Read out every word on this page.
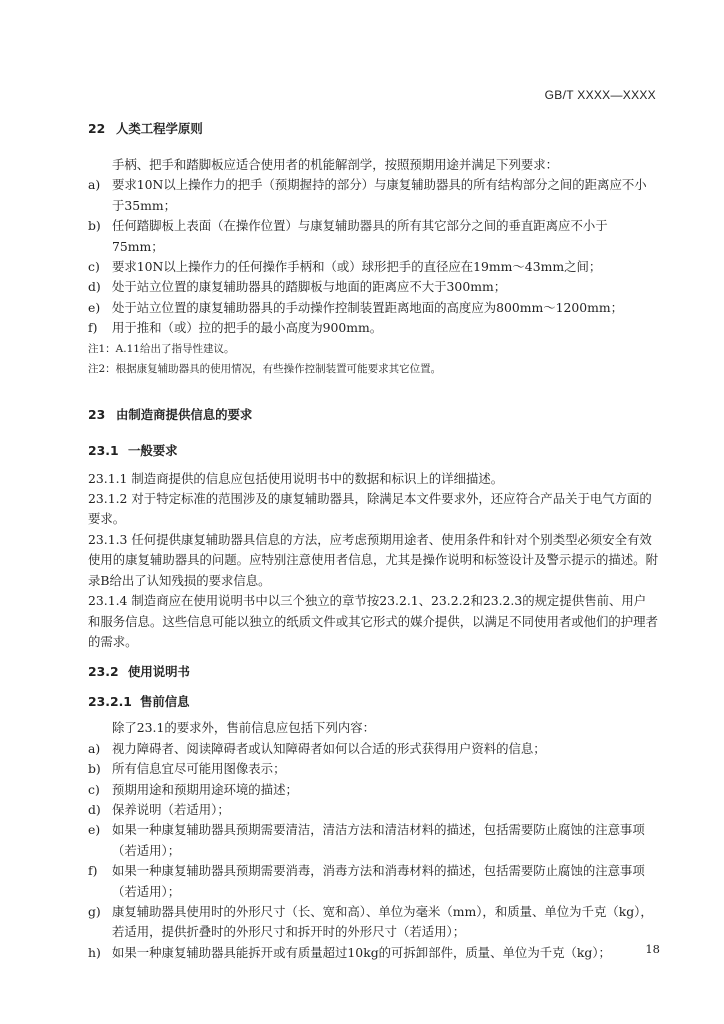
GB/T XXXX—XXXX
22 人类工程学原则

手柄、把手和踏脚板应适合使用者的机能解剖学，按照预期用途并满足下列要求：

a) 要求10N以上操作力的把手（预期握持的部分）与康复辅助器具的所有结构部分之间的距离应不小于35mm；
b) 任何踏脚板上表面（在操作位置）与康复辅助器具的所有其它部分之间的垂直距离应不小于75mm；
c) 要求10N以上操作力的任何操作手柄和（或）球形把手的直径应在19mm～43mm之间；
d) 处于站立位置的康复辅助器具的踏脚板与地面的距离应不大于300mm；
e) 处于站立位置的康复辅助器具的手动操作控制装置距离地面的高度应为800mm～1200mm；
f)	用于推和（或）拉的把手的最小高度为900mm。

注1：A.11给出了指导性建议。

注2：根据康复辅助器具的使用情况，有些操作控制装置可能要求其它位置。

23 由制造商提供信息的要求
23.1 一般要求

23.1.1 制造商提供的信息应包括使用说明书中的数据和标识上的详细描述。

23.1.2 对于特定标准的范围涉及的康复辅助器具，除满足本文件要求外，还应符合产品关于电气方面的要求。

23.1.3 任何提供康复辅助器具信息的方法，应考虑预期用途者、使用条件和针对个别类型必须安全有效使用的康复辅助器具的问题。应特别注意使用者信息，尤其是操作说明和标签设计及警示提示的描述。附录B给出了认知残损的要求信息。

23.1.4 制造商应在使用说明书中以三个独立的章节按23.2.1、23.2.2和23.2.3的规定提供售前、用户和服务信息。这些信息可能以独立的纸质文件或其它形式的媒介提供，以满足不同使用者或他们的护理者的需求。

23.2 使用说明书
23.2.1 售前信息

除了23.1的要求外，售前信息应包括下列内容：

a) 视力障碍者、阅读障碍者或认知障碍者如何以合适的形式获得用户资料的信息；
b) 所有信息宜尽可能用图像表示；
c) 预期用途和预期用途环境的描述；
d) 保养说明（若适用）；
e) 如果一种康复辅助器具预期需要清洁，清洁方法和清洁材料的描述，包括需要防止腐蚀的注意事项（若适用）；
f)	如果一种康复辅助器具预期需要消毒，消毒方法和消毒材料的描述，包括需要防止腐蚀的注意事项（若适用）；
g) 康复辅助器具使用时的外形尺寸（长、宽和高）、单位为毫米（mm），和质量、单位为千克（kg），若适用，提供折叠时的外形尺寸和拆开时的外形尺寸（若适用）；
h) 如果一种康复辅助器具能拆开或有质量超过10kg的可拆卸部件，质量、单位为千克（kg）；	18
